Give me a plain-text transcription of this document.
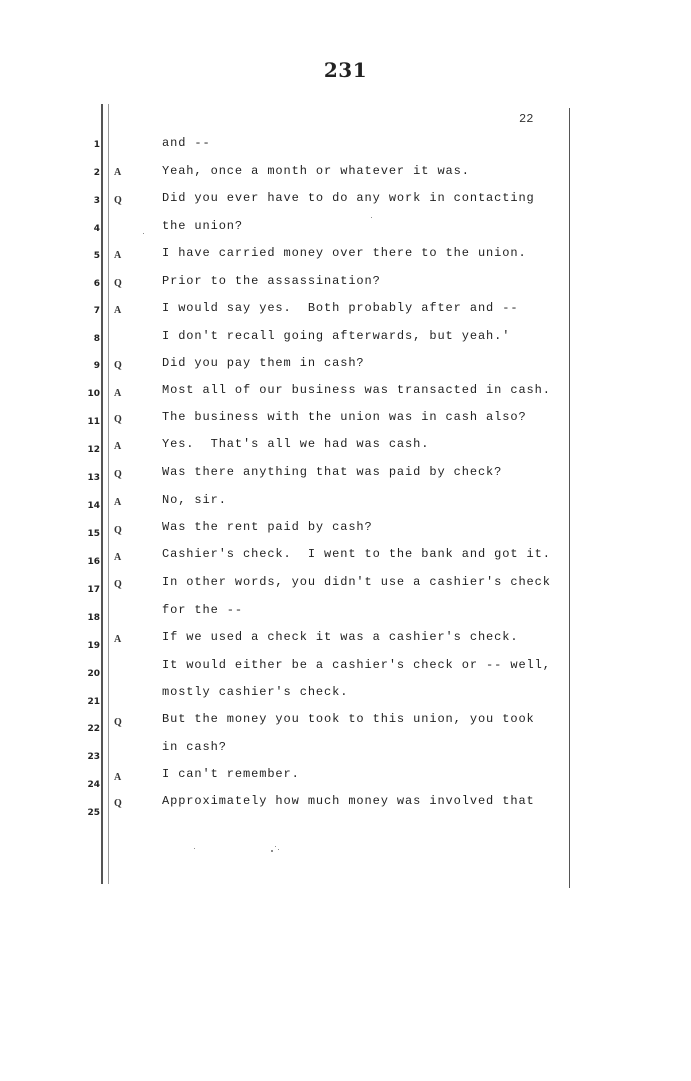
231
22
1
2
3
4
5
6
7
8
9
10
11
12
13
14
15
16
17
18
19
20
21
22
23
24
25
A
Q
A
Q
A
Q
A
Q
A
Q
A
Q
A
Q
A
Q
A
Q
and --
Yeah, once a month or whatever it was.
Did you ever have to do any work in contacting
the union?
I have carried money over there to the union.
Prior to the assassination?
I would say yes.  Both probably after and --
I don't recall going afterwards, but yeah.'
Did you pay them in cash?
Most all of our business was transacted in cash.
The business with the union was in cash also?
Yes.  That's all we had was cash.
Was there anything that was paid by check?
No, sir.
Was the rent paid by cash?
Cashier's check.  I went to the bank and got it.
In other words, you didn't use a cashier's check
for the --
If we used a check it was a cashier's check.
It would either be a cashier's check or -- well,
mostly cashier's check.
But the money you took to this union, you took
in cash?
I can't remember.
Approximately how much money was involved that
